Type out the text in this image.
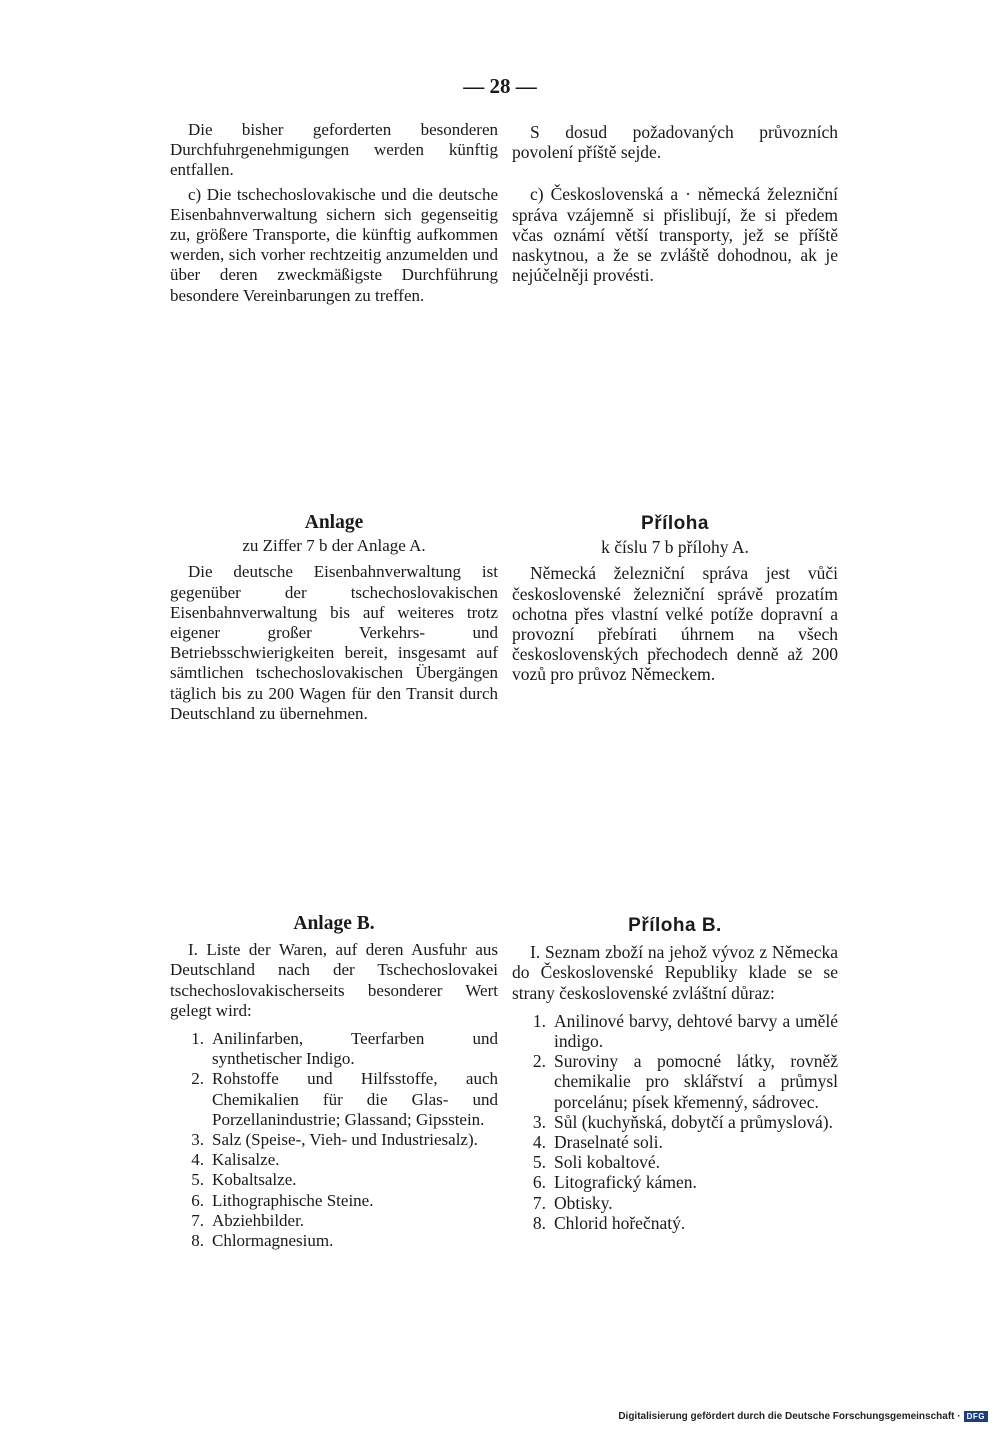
— 28 —

Die bisher geforderten besonderen Durchfuhrgenehmigungen werden künftig entfallen.

c) Die tschechoslovakische und die deutsche Eisenbahnverwaltung sichern sich gegenseitig zu, größere Transporte, die künftig aufkommen werden, sich vorher rechtzeitig anzumelden und über deren zweckmäßigste Durchführung besondere Vereinbarungen zu treffen.

S dosud požadovaných průvozních povolení příště sejde.

c) Československá a · německá železniční správa vzájemně si přislibují, že si předem včas oznámí větší transporty, jež se příště naskytnou, a že se zvláště dohodnou, ak je nejúčelněji provésti.

Anlage

zu Ziffer 7 b der Anlage A.

Die deutsche Eisenbahnverwaltung ist gegenüber der tschechoslovakischen Eisenbahnverwaltung bis auf weiteres trotz eigener großer Verkehrs- und Betriebsschwierigkeiten bereit, insgesamt auf sämtlichen tschechoslovakischen Übergängen täglich bis zu 200 Wagen für den Transit durch Deutschland zu übernehmen.

Příloha

k číslu 7 b přílohy A.

Německá železniční správa jest vůči československé železniční správě prozatím ochotna přes vlastní velké potíže dopravní a provozní přebírati úhrnem na všech československých přechodech denně až 200 vozů pro průvoz Německem.

Anlage B.

I. Liste der Waren, auf deren Ausfuhr aus Deutschland nach der Tschechoslovakei tschechoslovakischerseits besonderer Wert gelegt wird:

1. Anilinfarben, Teerfarben und synthetischer Indigo.
2. Rohstoffe und Hilfsstoffe, auch Chemikalien für die Glas- und Porzellanindustrie; Glassand; Gipsstein.
3. Salz (Speise-, Vieh- und Industriesalz).
4. Kalisalze.
5. Kobaltsalze.
6. Lithographische Steine.
7. Abziehbilder.
8. Chlormagnesium.

Příloha B.

I. Seznam zboží na jehož vývoz z Německa do Československé Republiky klade se se strany československé zvláštní důraz:

1. Anilinové barvy, dehtové barvy a umělé indigo.
2. Suroviny a pomocné látky, rovněž chemikalie pro sklářství a průmysl porcelánu; písek křemenný, sádrovec.
3. Sůl (kuchyňská, dobytčí a průmyslová).
4. Draselnaté soli.
5. Soli kobaltové.
6. Litografický kámen.
7. Obtisky.
8. Chlorid hořečnatý.
Digitalisierung gefördert durch die Deutsche Forschungsgemeinschaft · DFG
